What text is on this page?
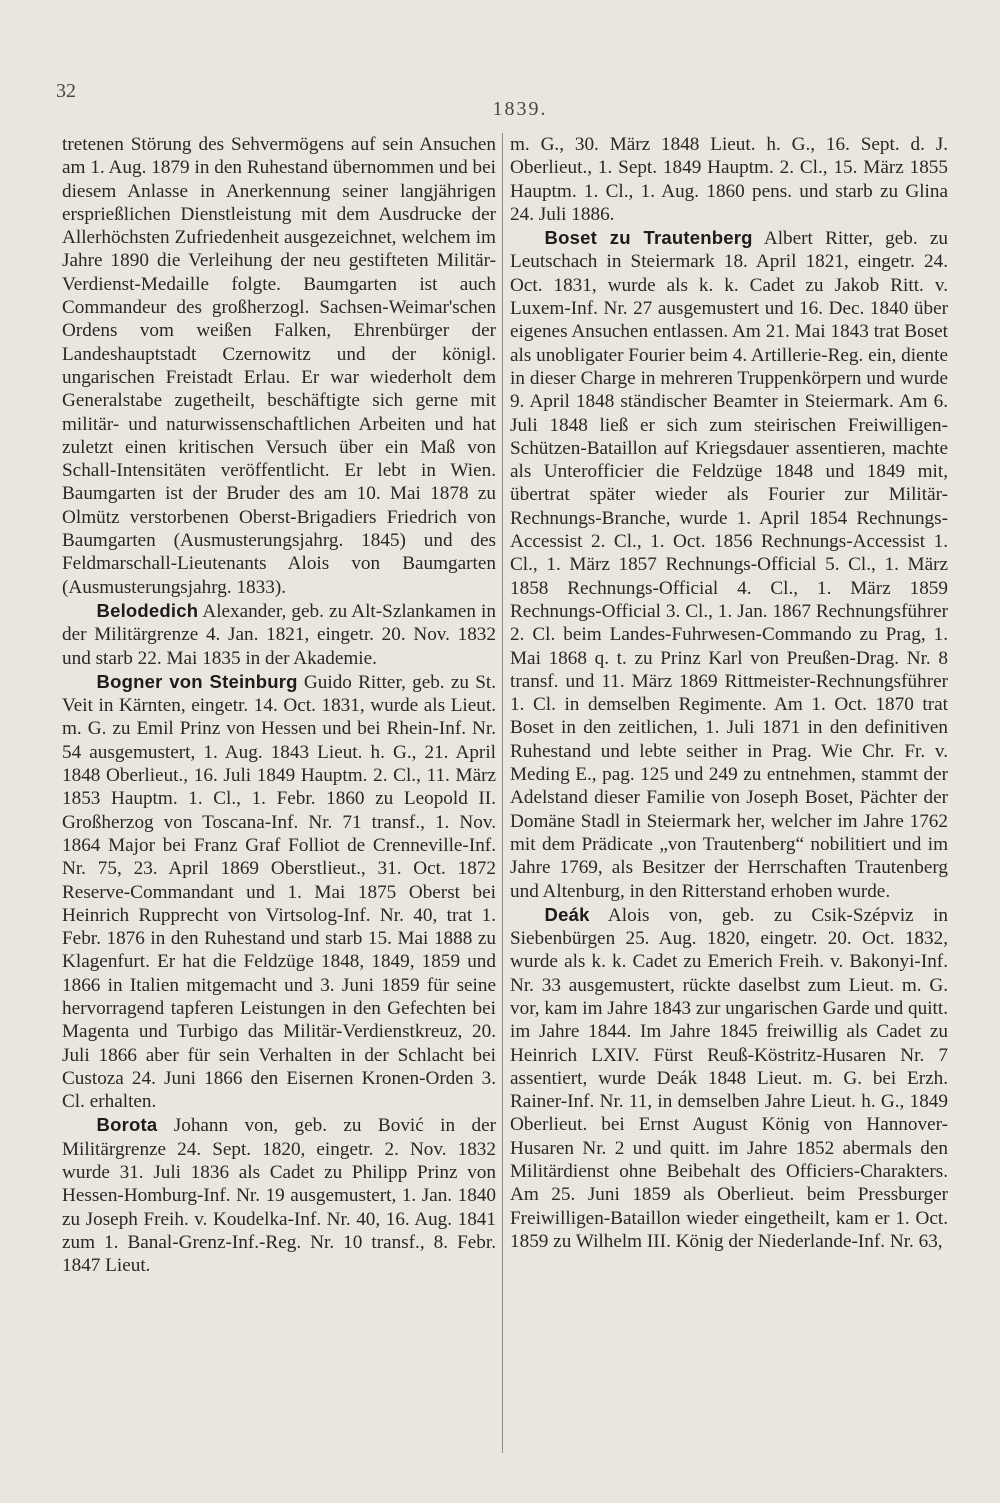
32
1839.

tretenen Störung des Sehvermögens auf sein Ansuchen am 1. Aug. 1879 in den Ruhestand übernommen und bei diesem Anlasse in Anerkennung seiner langjährigen ersprießlichen Dienstleistung mit dem Ausdrucke der Allerhöchsten Zufriedenheit ausgezeichnet, welchem im Jahre 1890 die Verleihung der neu gestifteten Militär-Verdienst-Medaille folgte. Baumgarten ist auch Commandeur des großherzogl. Sachsen-Weimar'schen Ordens vom weißen Falken, Ehrenbürger der Landeshauptstadt Czernowitz und der königl. ungarischen Freistadt Erlau. Er war wiederholt dem Generalstabe zugetheilt, beschäftigte sich gerne mit militär- und naturwissenschaftlichen Arbeiten und hat zuletzt einen kritischen Versuch über ein Maß von Schall-Intensitäten veröffentlicht. Er lebt in Wien. Baumgarten ist der Bruder des am 10. Mai 1878 zu Olmütz verstorbenen Oberst-Brigadiers Friedrich von Baumgarten (Ausmusterungsjahrg. 1845) und des Feldmarschall-Lieutenants Alois von Baumgarten (Ausmusterungsjahrg. 1833).

Belodedich Alexander, geb. zu Alt-Szlankamen in der Militärgrenze 4. Jan. 1821, eingetr. 20. Nov. 1832 und starb 22. Mai 1835 in der Akademie.

Bogner von Steinburg Guido Ritter, geb. zu St. Veit in Kärnten, eingetr. 14. Oct. 1831, wurde als Lieut. m. G. zu Emil Prinz von Hessen und bei Rhein-Inf. Nr. 54 ausgemustert, 1. Aug. 1843 Lieut. h. G., 21. April 1848 Oberlieut., 16. Juli 1849 Hauptm. 2. Cl., 11. März 1853 Hauptm. 1. Cl., 1. Febr. 1860 zu Leopold II. Großherzog von Toscana-Inf. Nr. 71 transf., 1. Nov. 1864 Major bei Franz Graf Folliot de Crenneville-Inf. Nr. 75, 23. April 1869 Oberstlieut., 31. Oct. 1872 Reserve-Commandant und 1. Mai 1875 Oberst bei Heinrich Rupprecht von Virtsolog-Inf. Nr. 40, trat 1. Febr. 1876 in den Ruhestand und starb 15. Mai 1888 zu Klagenfurt. Er hat die Feldzüge 1848, 1849, 1859 und 1866 in Italien mitgemacht und 3. Juni 1859 für seine hervorragend tapferen Leistungen in den Gefechten bei Magenta und Turbigo das Militär-Verdienstkreuz, 20. Juli 1866 aber für sein Verhalten in der Schlacht bei Custoza 24. Juni 1866 den Eisernen Kronen-Orden 3. Cl. erhalten.

Borota Johann von, geb. zu Bović in der Militärgrenze 24. Sept. 1820, eingetr. 2. Nov. 1832 wurde 31. Juli 1836 als Cadet zu Philipp Prinz von Hessen-Homburg-Inf. Nr. 19 ausgemustert, 1. Jan. 1840 zu Joseph Freih. v. Koudelka-Inf. Nr. 40, 16. Aug. 1841 zum 1. Banal-Grenz-Inf.-Reg. Nr. 10 transf., 8. Febr. 1847 Lieut.

m. G., 30. März 1848 Lieut. h. G., 16. Sept. d. J. Oberlieut., 1. Sept. 1849 Hauptm. 2. Cl., 15. März 1855 Hauptm. 1. Cl., 1. Aug. 1860 pens. und starb zu Glina 24. Juli 1886.

Boset zu Trautenberg Albert Ritter, geb. zu Leutschach in Steiermark 18. April 1821, eingetr. 24. Oct. 1831, wurde als k. k. Cadet zu Jakob Ritt. v. Luxem-Inf. Nr. 27 ausgemustert und 16. Dec. 1840 über eigenes Ansuchen entlassen. Am 21. Mai 1843 trat Boset als unobligater Fourier beim 4. Artillerie-Reg. ein, diente in dieser Charge in mehreren Truppenkörpern und wurde 9. April 1848 ständischer Beamter in Steiermark. Am 6. Juli 1848 ließ er sich zum steirischen Freiwilligen-Schützen-Bataillon auf Kriegsdauer assentieren, machte als Unterofficier die Feldzüge 1848 und 1849 mit, übertrat später wieder als Fourier zur Militär-Rechnungs-Branche, wurde 1. April 1854 Rechnungs-Accessist 2. Cl., 1. Oct. 1856 Rechnungs-Accessist 1. Cl., 1. März 1857 Rechnungs-Official 5. Cl., 1. März 1858 Rechnungs-Official 4. Cl., 1. März 1859 Rechnungs-Official 3. Cl., 1. Jan. 1867 Rechnungsführer 2. Cl. beim Landes-Fuhrwesen-Commando zu Prag, 1. Mai 1868 q. t. zu Prinz Karl von Preußen-Drag. Nr. 8 transf. und 11. März 1869 Rittmeister-Rechnungsführer 1. Cl. in demselben Regimente. Am 1. Oct. 1870 trat Boset in den zeitlichen, 1. Juli 1871 in den definitiven Ruhestand und lebte seither in Prag. Wie Chr. Fr. v. Meding E., pag. 125 und 249 zu entnehmen, stammt der Adelstand dieser Familie von Joseph Boset, Pächter der Domäne Stadl in Steiermark her, welcher im Jahre 1762 mit dem Prädicate „von Trautenberg“ nobilitiert und im Jahre 1769, als Besitzer der Herrschaften Trautenberg und Altenburg, in den Ritterstand erhoben wurde.

Deák Alois von, geb. zu Csik-Szépviz in Siebenbürgen 25. Aug. 1820, eingetr. 20. Oct. 1832, wurde als k. k. Cadet zu Emerich Freih. v. Bakonyi-Inf. Nr. 33 ausgemustert, rückte daselbst zum Lieut. m. G. vor, kam im Jahre 1843 zur ungarischen Garde und quitt. im Jahre 1844. Im Jahre 1845 freiwillig als Cadet zu Heinrich LXIV. Fürst Reuß-Köstritz-Husaren Nr. 7 assentiert, wurde Deák 1848 Lieut. m. G. bei Erzh. Rainer-Inf. Nr. 11, in demselben Jahre Lieut. h. G., 1849 Oberlieut. bei Ernst August König von Hannover-Husaren Nr. 2 und quitt. im Jahre 1852 abermals den Militärdienst ohne Beibehalt des Officiers-Charakters. Am 25. Juni 1859 als Oberlieut. beim Pressburger Freiwilligen-Bataillon wieder eingetheilt, kam er 1. Oct. 1859 zu Wilhelm III. König der Niederlande-Inf. Nr. 63,
